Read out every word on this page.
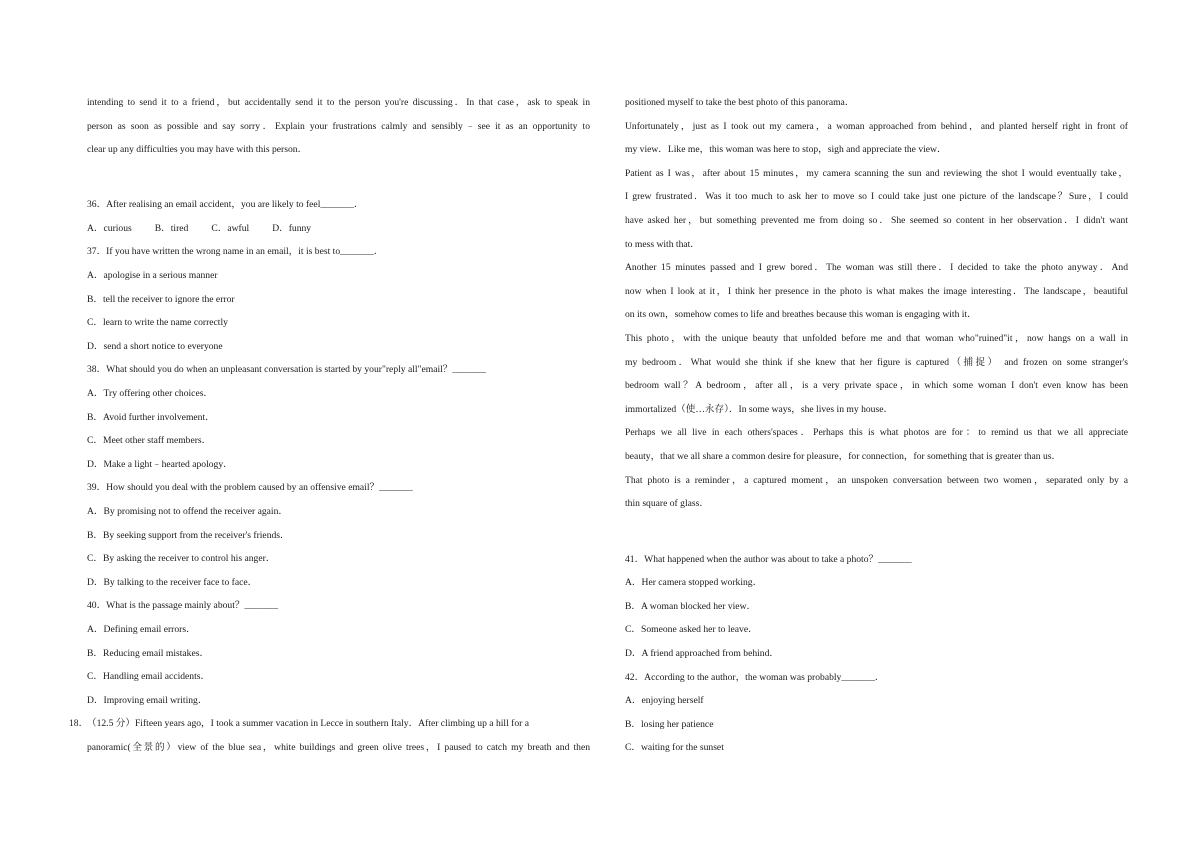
intending to send it to a friend，but accidentally send it to the person you're discussing．In that case，ask to speak in
person as soon as possible and say sorry．Explain your frustrations calmly and sensibly﹣see it as an opportunity to
clear up any difficulties you may have with this person．
36．After realising an email accident，you are likely to feel_______．
A．curious B．tired C．awful D．funny
37．If you have written the wrong name in an email，it is best to_______．
A．apologise in a serious manner
B．tell the receiver to ignore the error
C．learn to write the name correctly
D．send a short notice to everyone
38．What should you do when an unpleasant conversation is started by your"reply all"email？_______
A．Try offering other choices．
B．Avoid further involvement．
C．Meet other staff members．
D．Make a light﹣hearted apology．
39．How should you deal with the problem caused by an offensive email？_______
A．By promising not to offend the receiver again．
B．By seeking support from the receiver's friends．
C．By asking the receiver to control his anger．
D．By talking to the receiver face to face．
40．What is the passage mainly about？_______
A．Defining email errors．
B．Reducing email mistakes．
C．Handling email accidents．
D．Improving email writing．
18．
（12.5 分）Fifteen years ago，I took a summer vacation in Lecce in southern Italy．After climbing up a hill for a
panoramic(全景的）view of the blue sea，white buildings and green olive trees，I paused to catch my breath and then
positioned myself to take the best photo of this panorama．
Unfortunately，just as I took out my camera，a woman approached from behind，and planted herself right in front of
my view．Like me，this woman was here to stop，sigh and appreciate the view．
Patient as I was，after about 15 minutes，my camera scanning the sun and reviewing the shot I would eventually take，
I grew frustrated．Was it too much to ask her to move so I could take just one picture of the landscape？Sure，I could
have asked her，but something prevented me from doing so．She seemed so content in her observation．I didn't want
to mess with that．
Another 15 minutes passed and I grew bored．The woman was still there．I decided to take the photo anyway．And
now when I look at it，I think her presence in the photo is what makes the image interesting．The landscape，beautiful
on its own，somehow comes to life and breathes because this woman is engaging with it．
This photo，with the unique beauty that unfolded before me and that woman who"ruined"it，now hangs on a wall in
my bedroom．What would she think if she knew that her figure is captured（捕捉） and frozen on some stranger's
bedroom wall？A bedroom，after all，is a very private space，in which some woman I don't even know has been
immortalized（使…永存）．In some ways，she lives in my house．
Perhaps we all live in each others'spaces．Perhaps this is what photos are for：to remind us that we all appreciate
beauty，that we all share a common desire for pleasure，for connection，for something that is greater than us．
That photo is a reminder，a captured moment，an unspoken conversation between two women，separated only by a
thin square of glass．
41．What happened when the author was about to take a photo？_______
A．Her camera stopped working．
B．A woman blocked her view．
C．Someone asked her to leave．
D．A friend approached from behind．
42．According to the author，the woman was probably_______．
A．enjoying herself
B．losing her patience
C．waiting for the sunset
